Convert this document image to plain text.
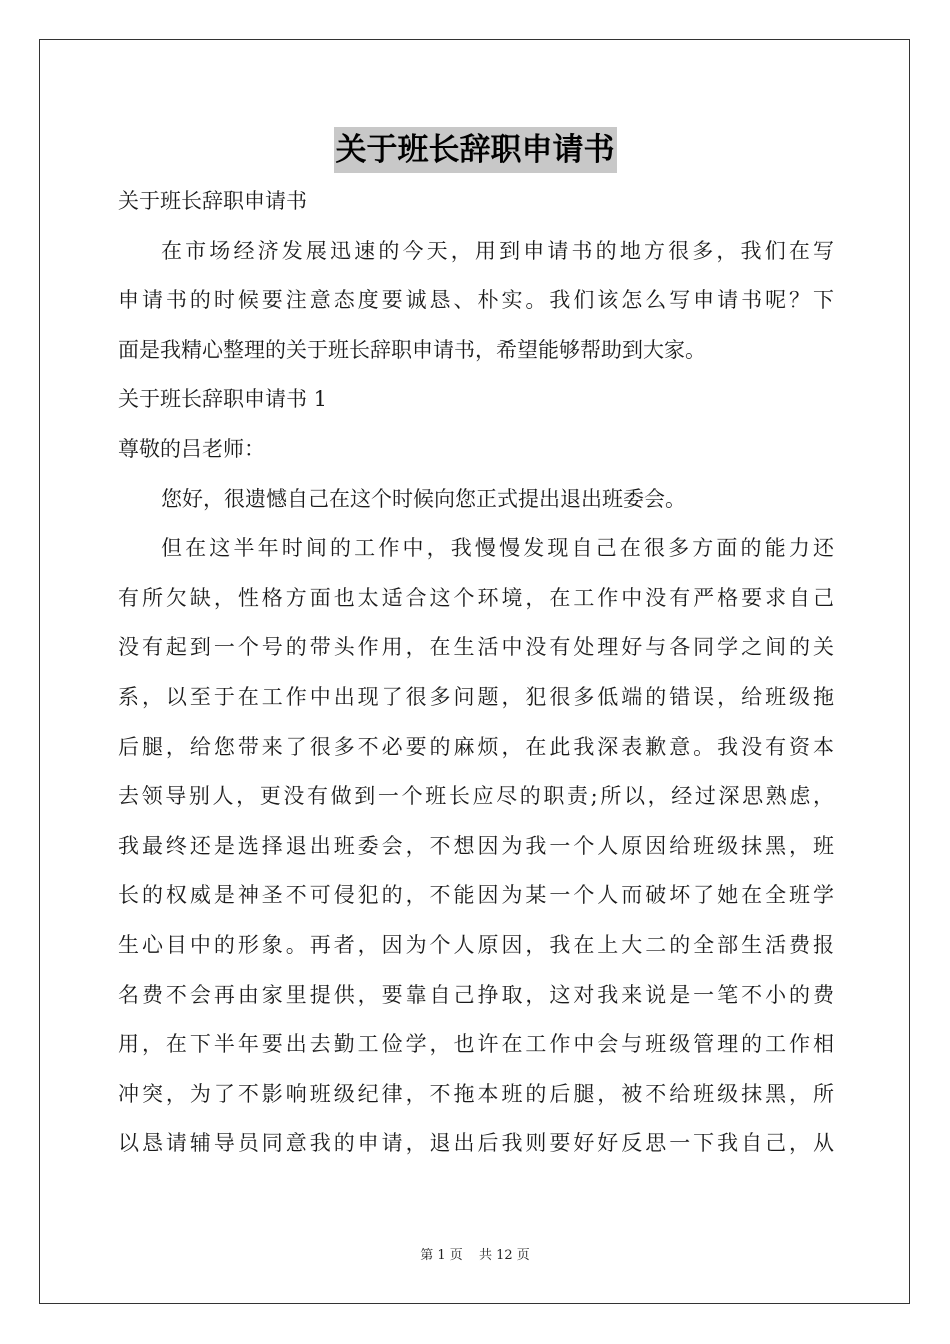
关于班长辞职申请书
关于班长辞职申请书
在市场经济发展迅速的今天，用到申请书的地方很多，我们在写
申请书的时候要注意态度要诚恳、朴实。我们该怎么写申请书呢？下
面是我精心整理的关于班长辞职申请书，希望能够帮助到大家。
关于班长辞职申请书 1
尊敬的吕老师：
您好，很遗憾自己在这个时候向您正式提出退出班委会。
但在这半年时间的工作中，我慢慢发现自己在很多方面的能力还
有所欠缺，性格方面也太适合这个环境，在工作中没有严格要求自己
没有起到一个号的带头作用，在生活中没有处理好与各同学之间的关
系，以至于在工作中出现了很多问题，犯很多低端的错误，给班级拖
后腿，给您带来了很多不必要的麻烦，在此我深表歉意。我没有资本
去领导别人，更没有做到一个班长应尽的职责;所以，经过深思熟虑，
我最终还是选择退出班委会，不想因为我一个人原因给班级抹黑，班
长的权威是神圣不可侵犯的，不能因为某一个人而破坏了她在全班学
生心目中的形象。再者，因为个人原因，我在上大二的全部生活费报
名费不会再由家里提供，要靠自己挣取，这对我来说是一笔不小的费
用，在下半年要出去勤工俭学，也许在工作中会与班级管理的工作相
冲突，为了不影响班级纪律，不拖本班的后腿，被不给班级抹黑，所
以恳请辅导员同意我的申请，退出后我则要好好反思一下我自己，从
第 1 页 共 12 页
